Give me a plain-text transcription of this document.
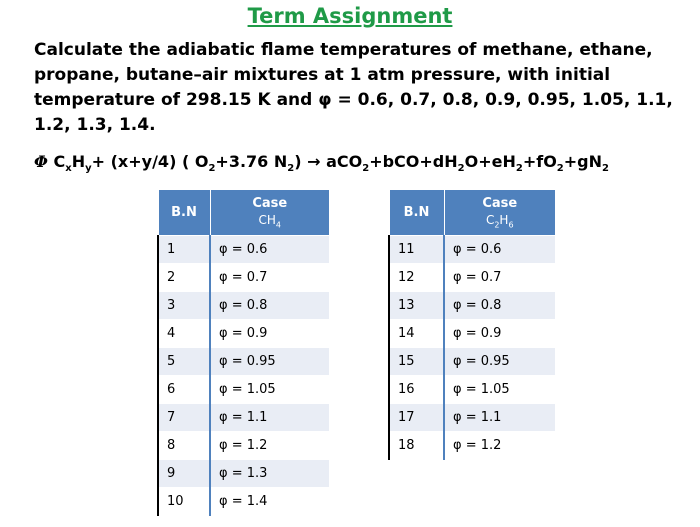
Term Assignment
Calculate the adiabatic flame temperatures of methane, ethane,
propane, butane–air mixtures at 1 atm pressure, with initial
temperature of 298.15 K and φ = 0.6, 0.7, 0.8, 0.9, 0.95, 1.05, 1.1,
1.2, 1.3, 1.4.
Φ $C_xH_y+ (x+y/4)$ ( $O_2+3.76$ $N_2) \to aCO_2+bCO+dH_2O+eH_2+fO_2+gN_2$
B.N	Case
$CH_4$

1	φ = 0.6
2	φ = 0.7
3	φ = 0.8
4	φ = 0.9
5	φ = 0.95
6	φ = 1.05
7	φ = 1.1
8	φ = 1.2
9	φ = 1.3
10	φ = 1.4
B.N	Case
$C_2H_6$

11	φ = 0.6
12	φ = 0.7
13	φ = 0.8
14	φ = 0.9
15	φ = 0.95
16	φ = 1.05
17	φ = 1.1
18	φ = 1.2
